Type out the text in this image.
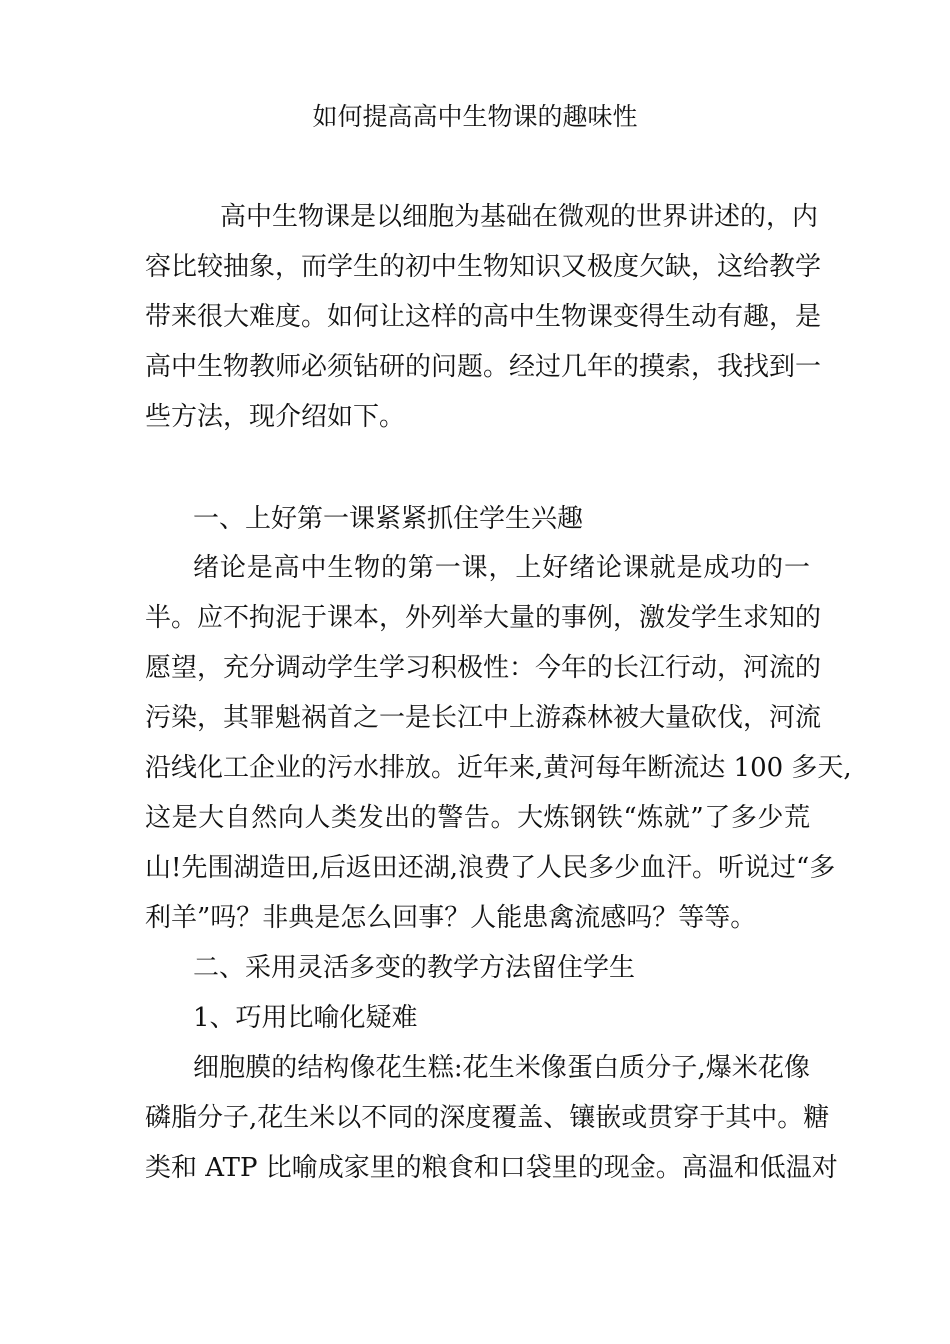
如何提高高中生物课的趣味性
高中生物课是以细胞为基础在微观的世界讲述的，内
容比较抽象，而学生的初中生物知识又极度欠缺，这给教学
带来很大难度。如何让这样的高中生物课变得生动有趣，是
高中生物教师必须钻研的问题。经过几年的摸索，我找到一
些方法，现介绍如下。
一、上好第一课紧紧抓住学生兴趣
绪论是高中生物的第一课，上好绪论课就是成功的一
半。应不拘泥于课本，外列举大量的事例，激发学生求知的
愿望，充分调动学生学习积极性：今年的长江行动，河流的
污染，其罪魁祸首之一是长江中上游森林被大量砍伐，河流
沿线化工企业的污水排放。近年来,黄河每年断流达 100 多天,
这是大自然向人类发出的警告。大炼钢铁“炼就”了多少荒
山!先围湖造田,后返田还湖,浪费了人民多少血汗。听说过“多
利羊”吗？非典是怎么回事？人能患禽流感吗？等等。
二、采用灵活多变的教学方法留住学生
1、巧用比喻化疑难
细胞膜的结构像花生糕:花生米像蛋白质分子,爆米花像
磷脂分子,花生米以不同的深度覆盖、镶嵌或贯穿于其中。糖
类和 ATP 比喻成家里的粮食和口袋里的现金。高温和低温对
